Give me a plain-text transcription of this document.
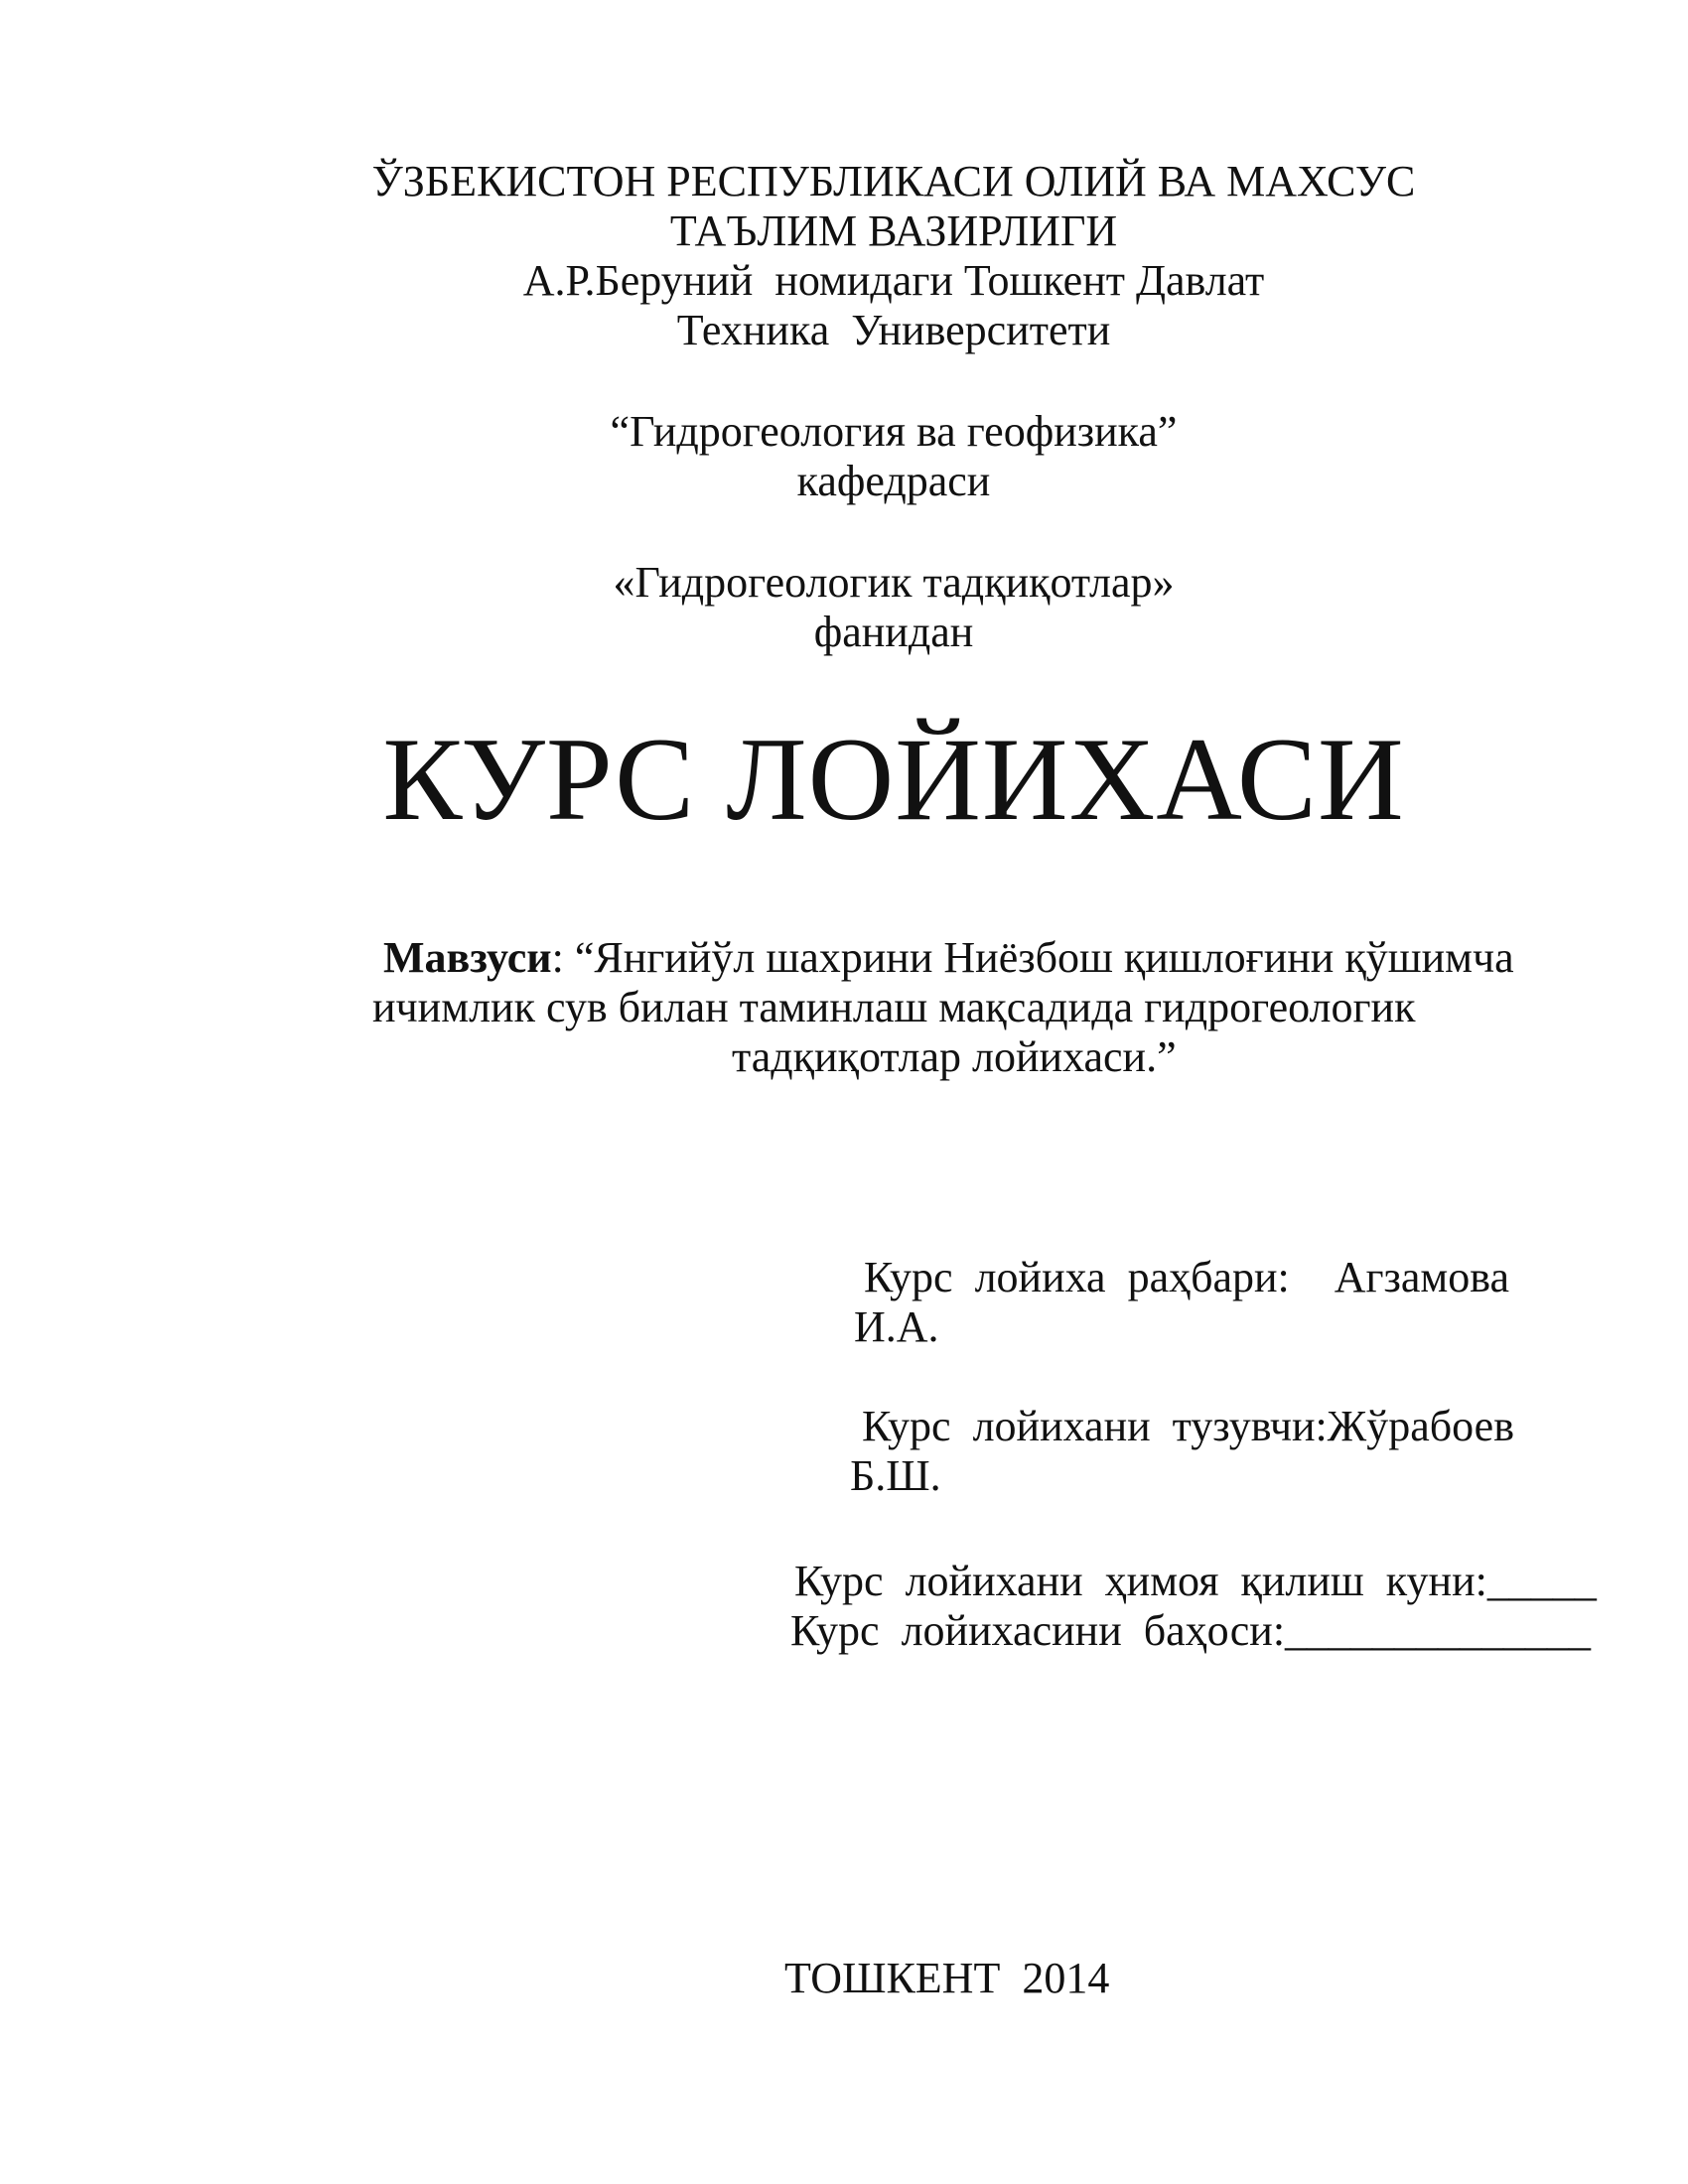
ЎЗБЕКИСТОН РЕСПУБЛИКАСИ ОЛИЙ ВА МАХСУС
ТАЪЛИМ ВАЗИРЛИГИ
А.Р.Беруний  номидаги Тошкент Давлат
Техника  Университети
“Гидрогеология ва геофизика”
кафедраси
«Гидрогеологик тадқиқотлар»
фанидан
КУРС ЛОЙИХАСИ
Мавзуси: “Янгийўл шахрини Ниёзбош қишлоғини қўшимча
ичимлик сув билан таминлаш мақсадида гидрогеологик
тадқиқотлар лойихаси.”
Курс  лойиха  раҳбари: Агзамова
И.А.
Курс  лойихани  тузувчи: Жўрабоев
Б.Ш.
Курс  лойихани  ҳимоя  қилиш  куни:_____
Курс  лойихасини  баҳоси:______________
ТОШКЕНТ  2014
